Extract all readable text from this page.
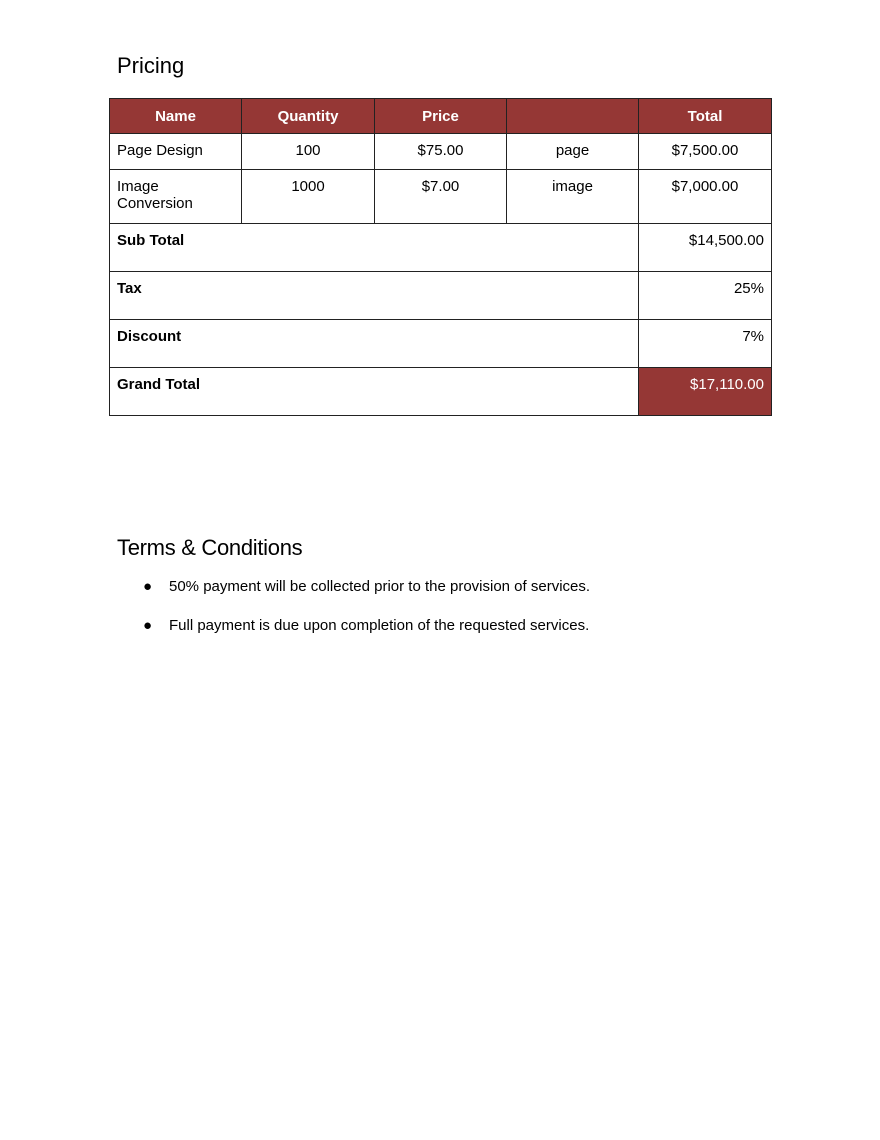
Pricing
Name	Quantity	Price		Total
Page Design	100	$75.00	page	$7,500.00
Image Conversion	1000	$7.00	image	$7,000.00
Sub Total				$14,500.00
Tax				25%
Discount				7%
Grand Total				$17,110.00
Terms & Conditions
● 50% payment will be collected prior to the provision of services.
● Full payment is due upon completion of the requested services.
